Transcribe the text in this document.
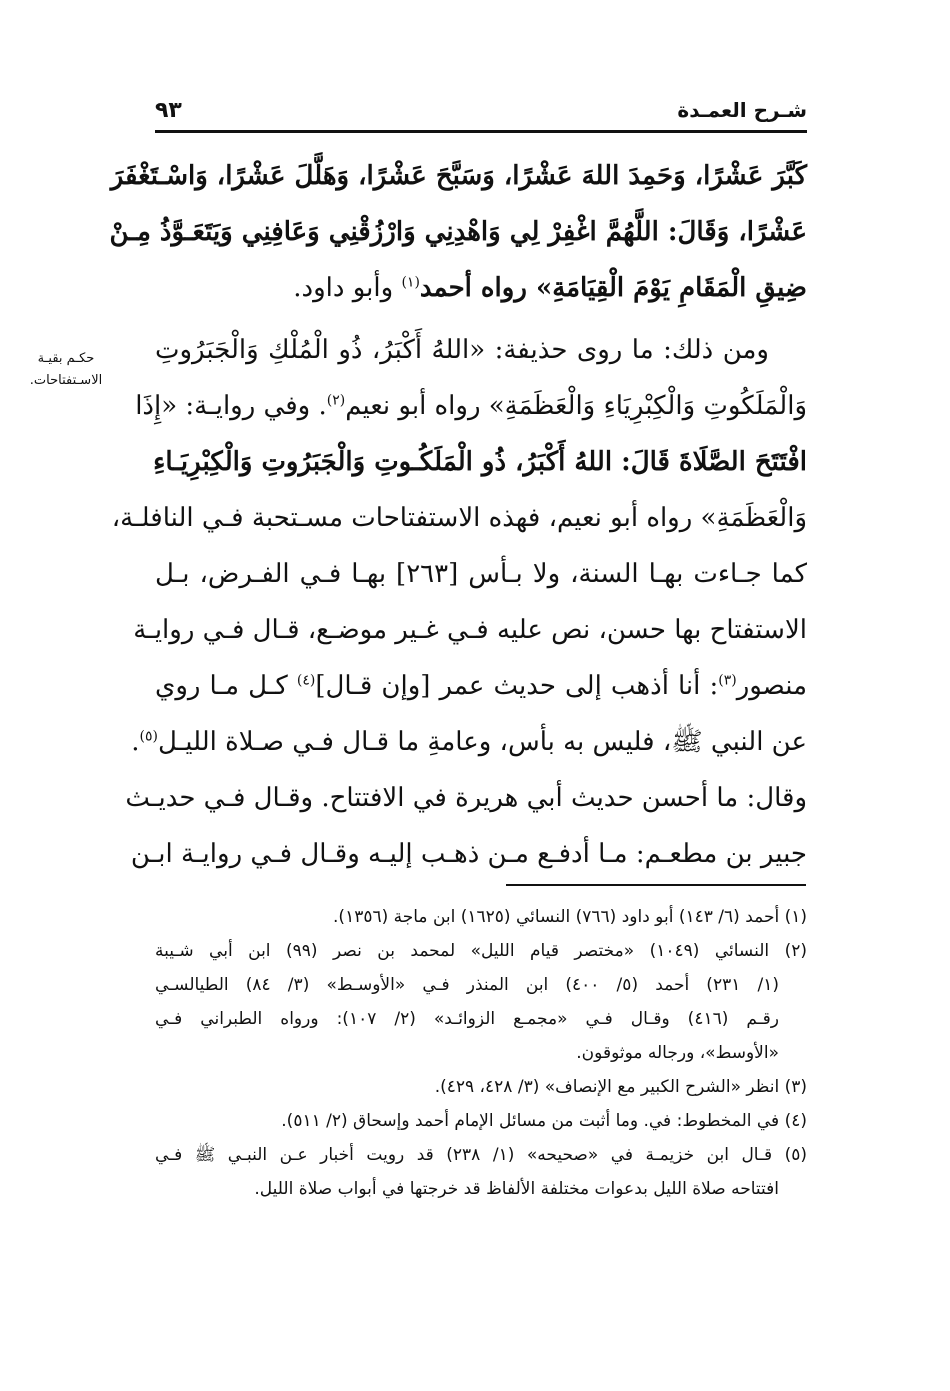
شـرح العمـدة
٩٣
حكـم بقيـة
الاسـتفتاحات.
كَبَّرَ عَشْرًا، وَحَمِدَ اللهَ عَشْرًا، وَسَبَّحَ عَشْرًا، وَهَلَّلَ عَشْرًا، وَاسْـتَغْفَرَ
عَشْرًا، وَقَالَ: اللَّهُمَّ اغْفِرْ لِي وَاهْدِنِي وَارْزُقْنِي وَعَافِنِي وَيَتَعَـوَّذُ مِـنْ
ضِيقِ الْمَقَامِ يَوْمَ الْقِيَامَةِ» رواه أحمد$^{(١)}$ وأبو داود.
ومن ذلك: ما روى حذيفة: «اللهُ أَكْبَرُ، ذُو الْمُلْكِ وَالْجَبَرُوتِ
وَالْمَلَكُوتِ وَالْكِبْرِيَاءِ وَالْعَظَمَةِ» رواه أبو نعيم$^{(٢)}$. وفي روايـة: «إِذَا
افْتَتَحَ الصَّلَاةَ قَالَ: اللهُ أَكْبَرُ، ذُو الْمَلَكُـوتِ وَالْجَبَرُوتِ وَالْكِبْرِيَـاءِ
وَالْعَظَمَةِ» رواه أبو نعيم، فهذه الاستفتاحات مسـتحبة فـي النافلـة،
كما جـاءت بهـا السنة، ولا بـأس [٢٦٣] بهـا فـي الفـرض، بـل
الاستفتاح بها حسن، نص عليه فـي غـير موضـع، قـال فـي روايـة
منصور$^{(٣)}$: أنا أذهب إلى حديث عمر [وإن قـال]$^{(٤)}$ كـل مـا روي
عن النبي ﷺ، فليس به بأس، وعامةِ ما قـال فـي صـلاة الليـل$^{(٥)}$.
وقال: ما أحسن حديث أبي هريرة في الافتتاح. وقـال فـي حديـث
جبير بن مطعـم: مـا أدفـع مـن ذهـب إليـه وقـال فـي روايـة ابـن
(١) أحمد (٦/ ١٤٣) أبو داود (٧٦٦) النسائي (١٦٢٥) ابن ماجة (١٣٥٦).
(٢) النسائي (١٠٤٩) «مختصر قيام الليل» لمحمد بن نصر (٩٩) ابن أبي شـيبة
(١/ ٢٣١) أحمد (٥/ ٤٠٠) ابن المنذر فـي «الأوسـط» (٣/ ٨٤) الطيالسـي
رقـم (٤١٦) وقـال فـي «مجمـع الزوائـد» (٢/ ١٠٧): ورواه الطبراني فـي
«الأوسط»، ورجاله موثوقون.
(٣) انظر «الشرح الكبير مع الإنصاف» (٣/ ٤٢٨، ٤٢٩).
(٤) في المخطوط: في. وما أثبت من مسائل الإمام أحمد وإسحاق (٢/ ٥١١).
(٥) قـال ابن خزيمـة في «صحيحه» (١/ ٢٣٨) قد رويت أخبار عـن النبـي ﷺ فـي
افتتاحه صلاة الليل بدعوات مختلفة الألفاظ قد خرجتها في أبواب صلاة الليل.
